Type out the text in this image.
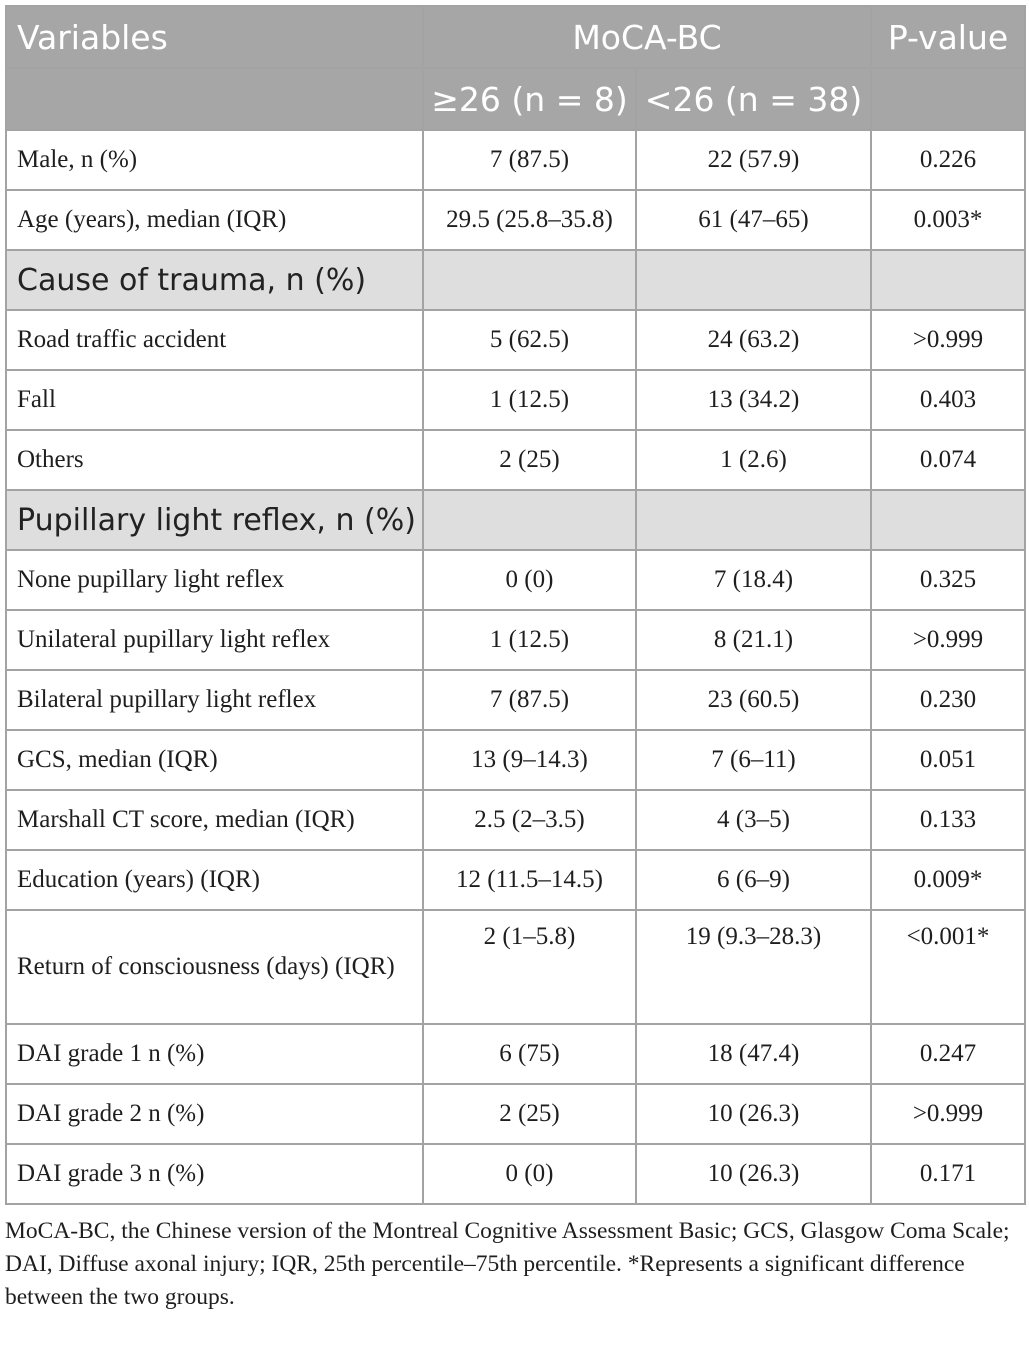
Variables	MoCA-BC		P-value
	≥26 (n = 8)	<26 (n = 38)	
Male, n (%)	7 (87.5)	22 (57.9)	0.226
Age (years), median (IQR)	29.5 (25.8–35.8)	61 (47–65)	0.003*
Cause of trauma, n (%)			
Road traffic accident	5 (62.5)	24 (63.2)	>0.999
Fall	1 (12.5)	13 (34.2)	0.403
Others	2 (25)	1 (2.6)	0.074
Pupillary light reflex, n (%)			
None pupillary light reflex	0 (0)	7 (18.4)	0.325
Unilateral pupillary light reflex	1 (12.5)	8 (21.1)	>0.999
Bilateral pupillary light reflex	7 (87.5)	23 (60.5)	0.230
GCS, median (IQR)	13 (9–14.3)	7 (6–11)	0.051
Marshall CT score, median (IQR)	2.5 (2–3.5)	4 (3–5)	0.133
Education (years) (IQR)	12 (11.5–14.5)	6 (6–9)	0.009*
Return of consciousness (days) (IQR)	2 (1–5.8)	19 (9.3–28.3)	<0.001*
DAI grade 1 n (%)	6 (75)	18 (47.4)	0.247
DAI grade 2 n (%)	2 (25)	10 (26.3)	>0.999
DAI grade 3 n (%)	0 (0)	10 (26.3)	0.171
MoCA-BC, the Chinese version of the Montreal Cognitive Assessment Basic; GCS, Glasgow Coma Scale; DAI, Diffuse axonal injury; IQR, 25th percentile–75th percentile. *Represents a significant difference between the two groups.
